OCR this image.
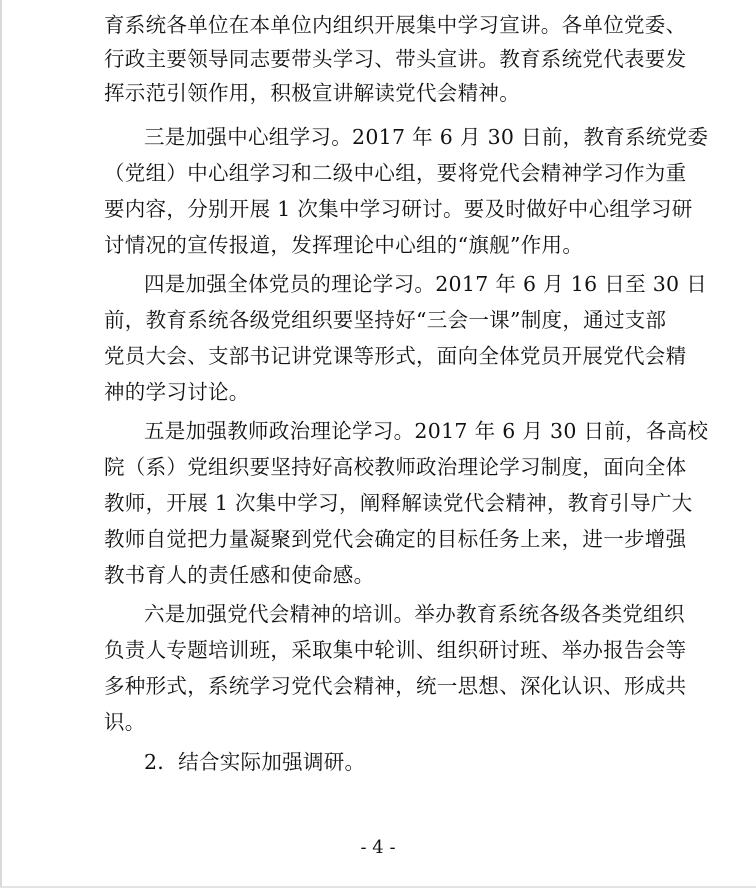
育系统各单位在本单位内组织开展集中学习宣讲。各单位党委、
行政主要领导同志要带头学习、带头宣讲。教育系统党代表要发
挥示范引领作用，积极宣讲解读党代会精神。
三是加强中心组学习。2017 年 6 月 30 日前，教育系统党委
（党组）中心组学习和二级中心组，要将党代会精神学习作为重
要内容，分别开展 1 次集中学习研讨。要及时做好中心组学习研
讨情况的宣传报道，发挥理论中心组的“旗舰”作用。
四是加强全体党员的理论学习。2017 年 6 月 16 日至 30 日
前，教育系统各级党组织要坚持好“三会一课”制度，通过支部
党员大会、支部书记讲党课等形式，面向全体党员开展党代会精
神的学习讨论。
五是加强教师政治理论学习。2017 年 6 月 30 日前，各高校
院（系）党组织要坚持好高校教师政治理论学习制度，面向全体
教师，开展 1 次集中学习，阐释解读党代会精神，教育引导广大
教师自觉把力量凝聚到党代会确定的目标任务上来，进一步增强
教书育人的责任感和使命感。
六是加强党代会精神的培训。举办教育系统各级各类党组织
负责人专题培训班，采取集中轮训、组织研讨班、举办报告会等
多种形式，系统学习党代会精神，统一思想、深化认识、形成共
识。
2．结合实际加强调研。
- 4 -
